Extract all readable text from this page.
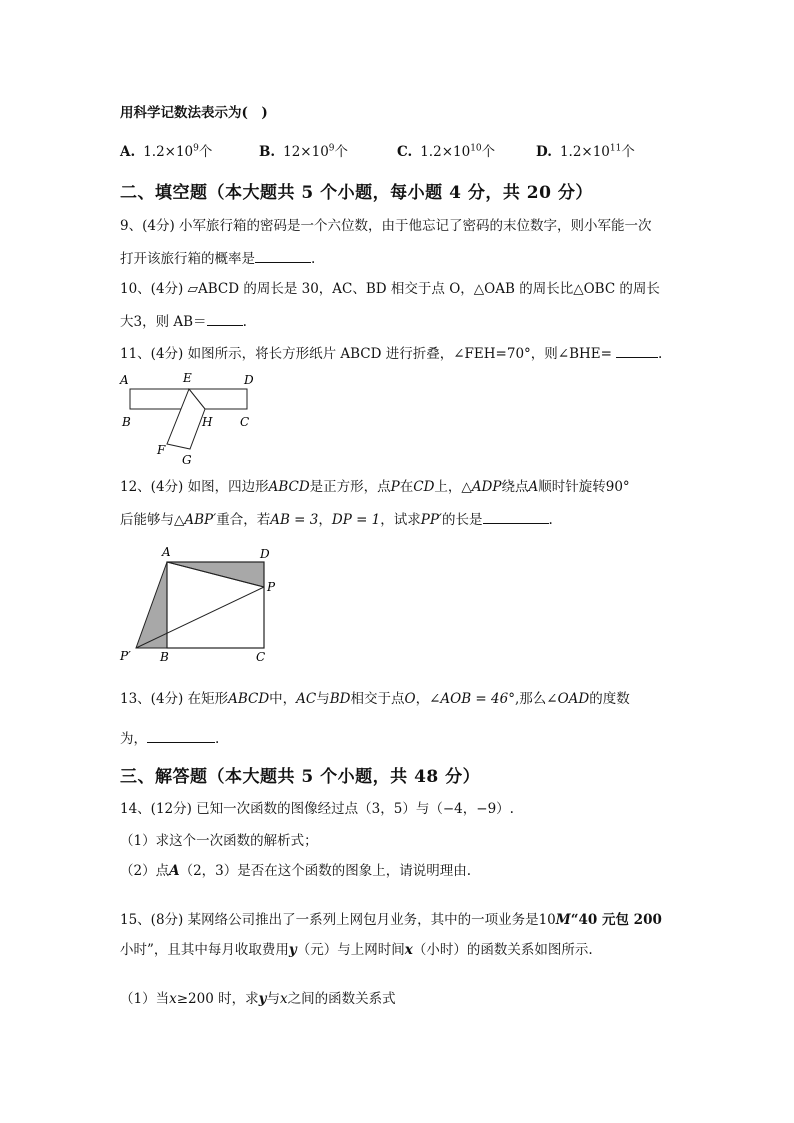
用科学记数法表示为(　)
A. $1.2\times 10^9$个	B. $12\times 10^9$个	C. $1.2\times 10^{10}$个	D. $1.2\times 10^{11}$个
二、填空题（本大题共 5 个小题，每小题 4 分，共 20 分）
9、(4分) 小军旅行箱的密码是一个六位数，由于他忘记了密码的末位数字，则小军能一次
打开该旅行箱的概率是	.
10、(4分) ▱ABCD 的周长是 30，AC、BD 相交于点 O，△OAB 的周长比△OBC 的周长
大3，则 AB＝	.
11、(4分) 如图所示，将长方形纸片 ABCD 进行折叠，∠FEH=70°，则∠BHE=	.
A	E	D
B	H C
F
G
12、(4分) 如图，四边形ABCD是正方形，点P在CD上，△ADP绕点A顺时针旋转90°
后能够与△ABP′重合，若AB = 3，DP = 1，试求PP′的长是	.
A	D
P
P′ B	C
13、(4分) 在矩形ABCD中，AC与BD相交于点O，∠AOB = 46°,那么∠OAD的度数
为，	.
三、解答题（本大题共 5 个小题，共 48 分）
14、(12分) 已知一次函数的图像经过点（3，5）与（−4，−9）.
（1）求这个一次函数的解析式；
（2）点A（2，3）是否在这个函数的图象上，请说明理由.
15、(8分) 某网络公司推出了一系列上网包月业务，其中的一项业务是10M“40 元包 200
小时”，且其中每月收取费用y（元）与上网时间x（小时）的函数关系如图所示.
（1）当x≥200 时，求y与x之间的函数关系式
